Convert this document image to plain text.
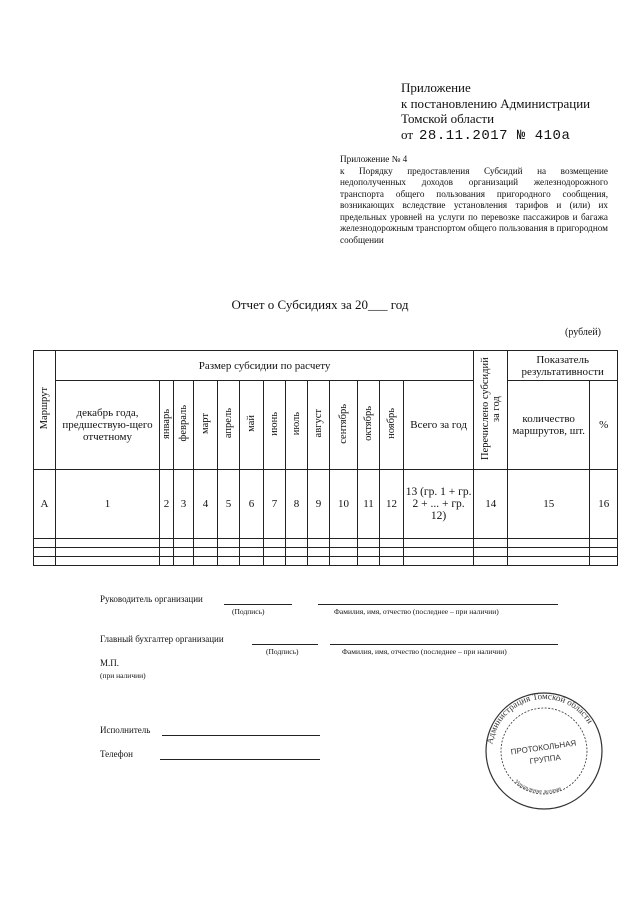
Приложение
к постановлению Администрации
Томской области
от 28.11.2017 № 410а
Приложение № 4
к Порядку предоставления Субсидий на возмещение недополученных доходов организаций железнодорожного транспорта общего пользования пригородного сообщения, возникающих вследствие установления тарифов и (или) их предельных уровней на услуги по перевозке пассажиров и багажа железнодорожным транспортом общего пользования в пригородном сообщении
Отчет о Субсидиях за 20___ год
(рублей)
Маршрут	Размер субсидии по расчету													Перечислено субсидий за год	Показатель результативности	
	декабрь года, предшествую-щего отчетному	январь	февраль	март	апрель	май	июнь	июль	август	сентябрь	октябрь	ноябрь	Всего за год		количество маршрутов, шт.	%
А	1	2	3	4	5	6	7	8	9	10	11	12	13 (гр. 1 + гр. 2 + ... + гр. 12)	14	15	16

Руководитель организации
(Подпись)	Фамилия, имя, отчество (последнее – при наличии)
Главный бухгалтер организации
(Подпись)	Фамилия, имя, отчество (последнее – при наличии)
М.П.
(при наличии)
Исполнитель
Телефон
Администрация Томской области
ПРОТОКОЛЬНАЯ
ГРУППА
Управление делами
